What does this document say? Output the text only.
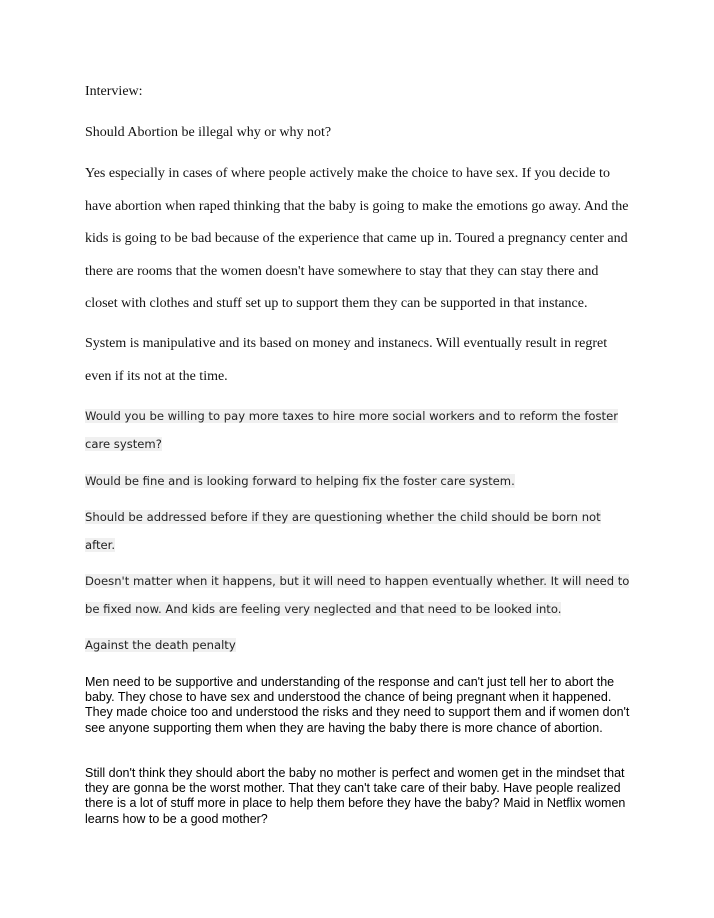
Interview:

Should Abortion be illegal why or why not?

Yes especially in cases of where people actively make the choice to have sex. If you decide to have abortion when raped thinking that the baby is going to make the emotions go away. And the kids is going to be bad because of the experience that came up in. Toured a pregnancy center and there are rooms that the women doesn't have somewhere to stay that they can stay there and closet with clothes and stuff set up to support them they can be supported in that instance.

System is manipulative and its based on money and instanecs. Will eventually result in regret even if its not at the time.

Would you be willing to pay more taxes to hire more social workers and to reform the foster care system?

Would be fine and is looking forward to helping fix the foster care system.

Should be addressed before if they are questioning whether the child should be born not after.

Doesn't matter when it happens, but it will need to happen eventually whether. It will need to be fixed now. And kids are feeling very neglected and that need to be looked into.

Against the death penalty

Men need to be supportive and understanding of the response and can't just tell her to abort the baby. They chose to have sex and understood the chance of being pregnant when it happened. They made choice too and understood the risks and they need to support them and if women don't see anyone supporting them when they are having the baby there is more chance of abortion.

Still don't think they should abort the baby no mother is perfect and women get in the mindset that they are gonna be the worst mother. That they can't take care of their baby. Have people realized there is a lot of stuff more in place to help them before they have the baby? Maid in Netflix women learns how to be a good mother?
